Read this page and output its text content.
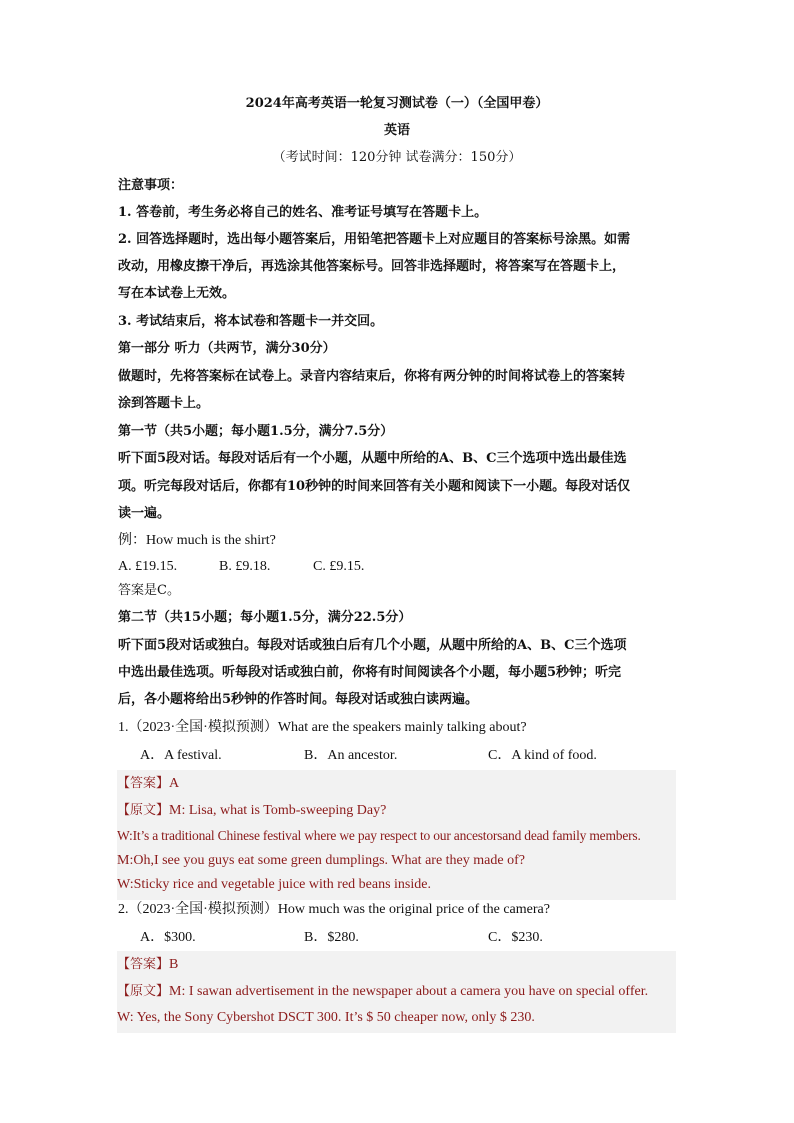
2024年高考英语一轮复习测试卷（一）（全国甲卷）
英语
（考试时间：120分钟 试卷满分：150分）
注意事项：
1. 答卷前，考生务必将自己的姓名、准考证号填写在答题卡上。
2. 回答选择题时，选出每小题答案后，用铅笔把答题卡上对应题目的答案标号涂黑。如需
改动，用橡皮擦干净后，再选涂其他答案标号。回答非选择题时，将答案写在答题卡上，
写在本试卷上无效。
3. 考试结束后，将本试卷和答题卡一并交回。
第一部分 听力（共两节，满分30分）
做题时，先将答案标在试卷上。录音内容结束后，你将有两分钟的时间将试卷上的答案转
涂到答题卡上。
第一节（共5小题；每小题1.5分，满分7.5分）
听下面5段对话。每段对话后有一个小题，从题中所给的A、B、C三个选项中选出最佳选
项。听完每段对话后，你都有10秒钟的时间来回答有关小题和阅读下一小题。每段对话仅
读一遍。
例：How much is the shirt?
A. £19.15.	B. £9.18.	C. £9.15.
答案是C。
第二节（共15小题；每小题1.5分，满分22.5分）
听下面5段对话或独白。每段对话或独白后有几个小题，从题中所给的A、B、C三个选项
中选出最佳选项。听每段对话或独白前，你将有时间阅读各个小题，每小题5秒钟；听完
后，各小题将给出5秒钟的作答时间。每段对话或独白读两遍。
1.（2023·全国·模拟预测）What are the speakers mainly talking about?
A．A festival.	B．An ancestor.	C．A kind of food.
【答案】A
【原文】M: Lisa, what is Tomb-sweeping Day?
W:It’s a traditional Chinese festival where we pay respect to our ancestorsand dead family members.
M:Oh,I see you guys eat some green dumplings. What are they made of?
W:Sticky rice and vegetable juice with red beans inside.
2.（2023·全国·模拟预测）How much was the original price of the camera?
A．$300.	B．$280.	C．$230.
【答案】B
【原文】M: I sawan advertisement in the newspaper about a camera you have on special offer.
W: Yes, the Sony Cybershot DSCT 300. It’s $ 50 cheaper now, only $ 230.
